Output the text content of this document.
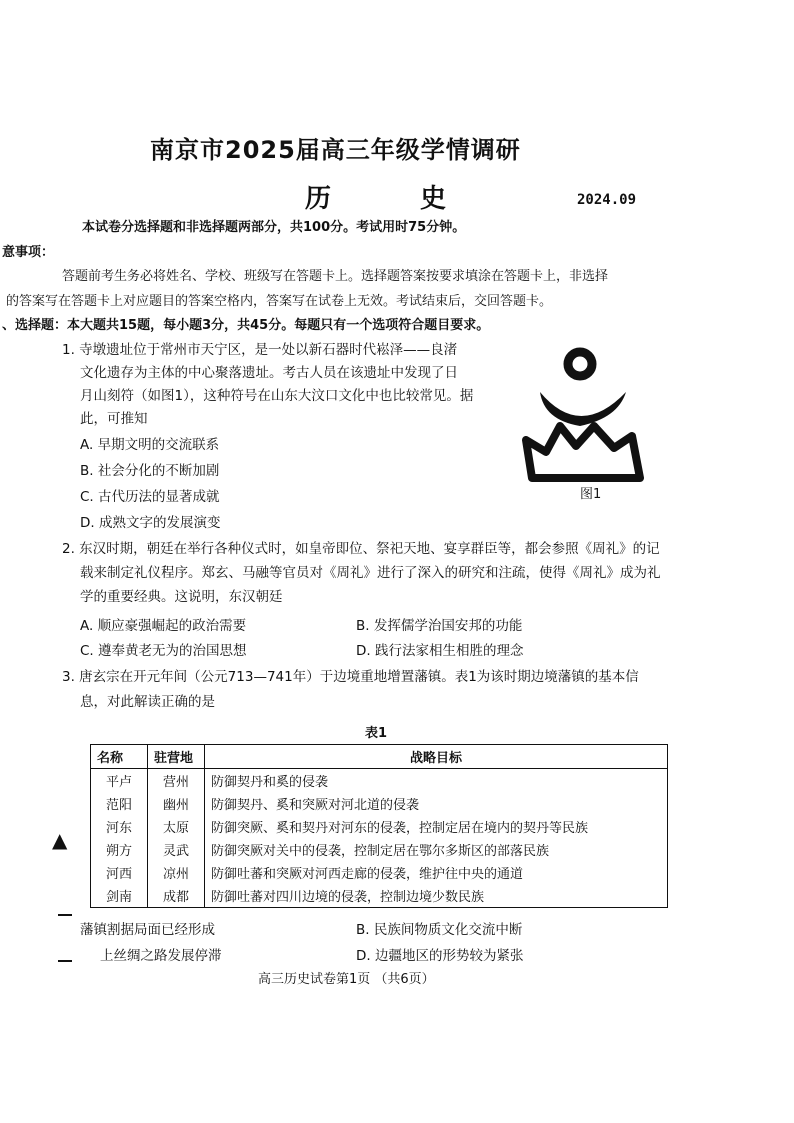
南京市2025届高三年级学情调研
历 史	2024.09
本试卷分选择题和非选择题两部分，共100分。考试用时75分钟。
意事项：
答题前考生务必将姓名、学校、班级写在答题卡上。选择题答案按要求填涂在答题卡上，非选择
的答案写在答题卡上对应题目的答案空格内，答案写在试卷上无效。考试结束后，交回答题卡。
、选择题：本大题共15题，每小题3分，共45分。每题只有一个选项符合题目要求。
1. 寺墩遗址位于常州市天宁区，是一处以新石器时代崧泽——良渚
文化遗存为主体的中心聚落遗址。考古人员在该遗址中发现了日
月山刻符（如图1），这种符号在山东大汶口文化中也比较常见。据
此，可推知
A. 早期文明的交流联系
B. 社会分化的不断加剧
C. 古代历法的显著成就
D. 成熟文字的发展演变
图1
2. 东汉时期，朝廷在举行各种仪式时，如皇帝即位、祭祀天地、宴享群臣等，都会参照《周礼》的记
载来制定礼仪程序。郑玄、马融等官员对《周礼》进行了深入的研究和注疏，使得《周礼》成为礼
学的重要经典。这说明，东汉朝廷
A. 顺应豪强崛起的政治需要	B. 发挥儒学治国安邦的功能
C. 遵奉黄老无为的治国思想	D. 践行法家相生相胜的理念
3. 唐玄宗在开元年间（公元713—741年）于边境重地增置藩镇。表1为该时期边境藩镇的基本信
息，对此解读正确的是
表1
名称	驻营地	战略目标
平卢	营州	防御契丹和奚的侵袭
范阳	幽州	防御契丹、奚和突厥对河北道的侵袭
河东	太原	防御突厥、奚和契丹对河东的侵袭，控制定居在境内的契丹等民族
朔方	灵武	防御突厥对关中的侵袭，控制定居在鄂尔多斯区的部落民族
河西	凉州	防御吐蕃和突厥对河西走廊的侵袭，维护往中央的通道
剑南	成都	防御吐蕃对四川边境的侵袭，控制边境少数民族
藩镇割据局面已经形成	B. 民族间物质文化交流中断
上丝绸之路发展停滞	D. 边疆地区的形势较为紧张
▲
高三历史试卷第1页 （共6页）
